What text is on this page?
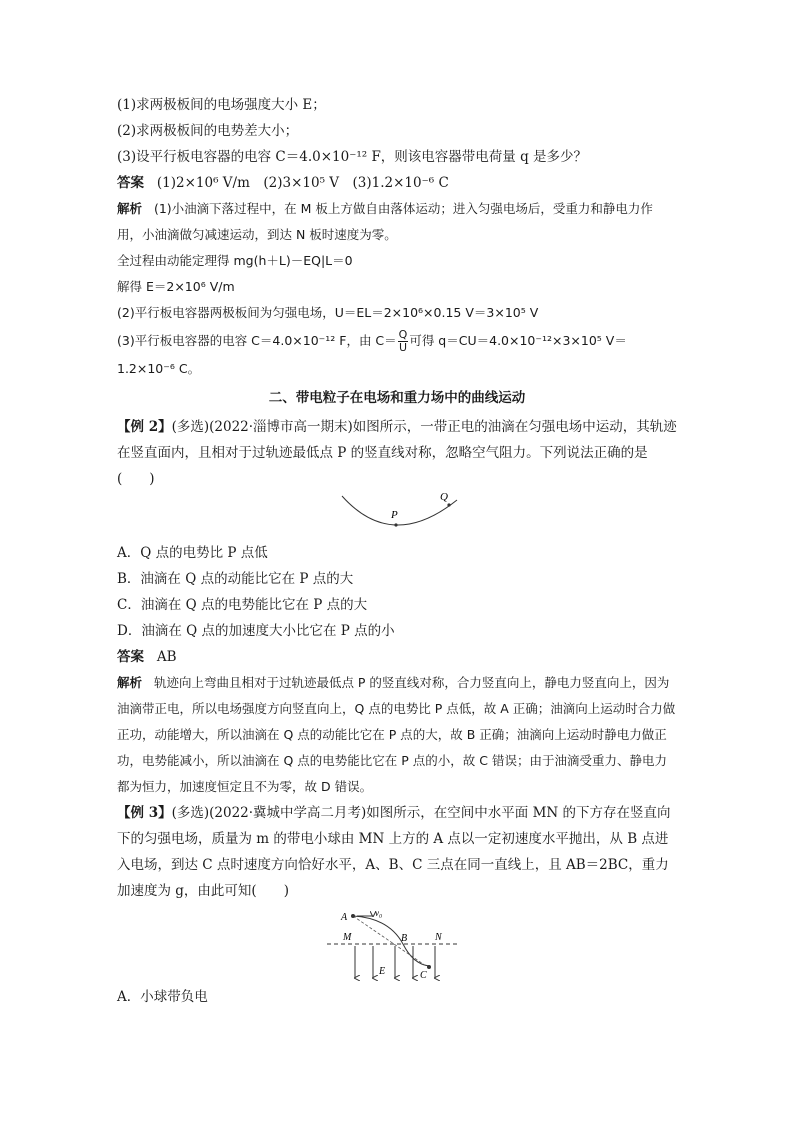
(1)求两极板间的电场强度大小 E；
(2)求两极板间的电势差大小；
(3)设平行板电容器的电容 C＝4.0×10⁻¹² F，则该电容器带电荷量 q 是多少？
答案 (1)2×10⁶ V/m　(2)3×10⁵ V　(3)1.2×10⁻⁶ C
解析 (1)小油滴下落过程中，在 M 板上方做自由落体运动；进入匀强电场后，受重力和静电力作用，小油滴做匀减速运动，到达 N 板时速度为零。
全过程由动能定理得 mg(h＋L)－EQ|L＝0
解得 E＝2×10⁶ V/m
(2)平行板电容器两极板间为匀强电场，U＝EL＝2×10⁶×0.15 V＝3×10⁵ V
(3)平行板电容器的电容 C＝4.0×10⁻¹² F，由 $C= \frac{Q}{U}$ 可得 q＝CU＝4.0×10⁻¹²×3×10⁵ V＝
1.2×10⁻⁶ C。
二、带电粒子在电场和重力场中的曲线运动
【例 2】(多选)(2022·淄博市高一期末)如图所示，一带正电的油滴在匀强电场中运动，其轨迹在竖直面内，且相对于过轨迹最低点 P 的竖直线对称，忽略空气阻力。下列说法正确的是(　　)
P
Q
A．Q 点的电势比 P 点低
B．油滴在 Q 点的动能比它在 P 点的大
C．油滴在 Q 点的电势能比它在 P 点的大
D．油滴在 Q 点的加速度大小比它在 P 点的小
答案 AB
解析 轨迹向上弯曲且相对于过轨迹最低点 P 的竖直线对称，合力竖直向上，静电力竖直向上，因为油滴带正电，所以电场强度方向竖直向上，Q 点的电势比 P 点低，故 A 正确；油滴向上运动时合力做正功，动能增大，所以油滴在 Q 点的动能比它在 P 点的大，故 B 正确；油滴向上运动时静电力做正功，电势能减小，所以油滴在 Q 点的电势能比它在 P 点的小，故 C 错误；由于油滴受重力、静电力都为恒力，加速度恒定且不为零，故 D 错误。
【例 3】(多选)(2022·冀城中学高二月考)如图所示，在空间中水平面 MN 的下方存在竖直向下的匀强电场，质量为 m 的带电小球由 MN 上方的 A 点以一定初速度水平抛出，从 B 点进入电场，到达 C 点时速度方向恰好水平，A、B、C 三点在同一直线上，且 AB＝2BC，重力加速度为 g，由此可知(　　)
A	v₀
M	B	N
E	C
A．小球带负电
